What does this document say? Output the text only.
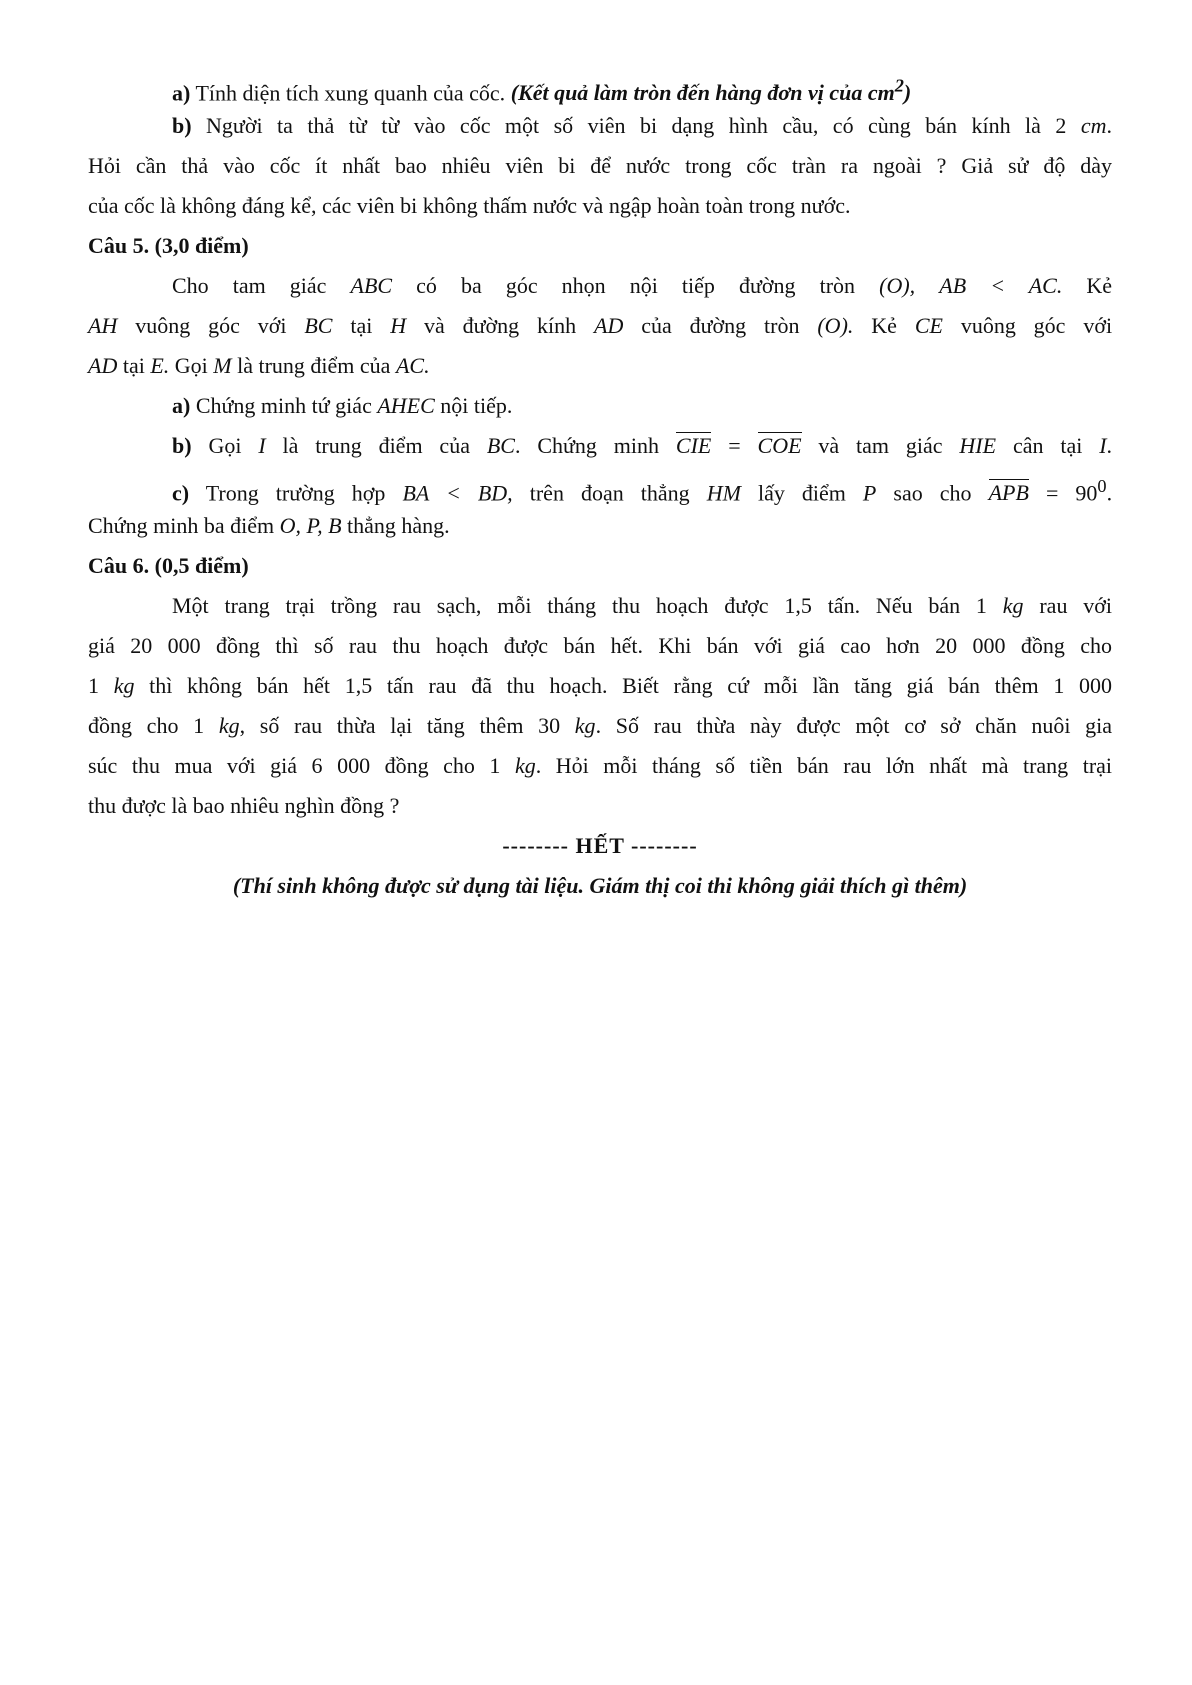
a) Tính diện tích xung quanh của cốc. (Kết quả làm tròn đến hàng đơn vị của $cm^2$)
b) Người ta thả từ từ vào cốc một số viên bi dạng hình cầu, có cùng bán kính là 2 cm.
Hỏi cần thả vào cốc ít nhất bao nhiêu viên bi để nước trong cốc tràn ra ngoài ? Giả sử độ dày
của cốc là không đáng kể, các viên bi không thấm nước và ngập hoàn toàn trong nước.
Câu 5. (3,0 điểm)
Cho tam giác ABC có ba góc nhọn nội tiếp đường tròn (O), AB < AC. Kẻ
AH vuông góc với BC tại H và đường kính AD của đường tròn (O). Kẻ CE vuông góc với
AD tại E. Gọi M là trung điểm của AC.
a) Chứng minh tứ giác AHEC nội tiếp.
b) Gọi I là trung điểm của BC. Chứng minh CIE = COE và tam giác HIE cân tại I.
c) Trong trường hợp BA < BD, trên đoạn thẳng HM lấy điểm P sao cho APB = $90^0$.
Chứng minh ba điểm O, P, B thẳng hàng.
Câu 6. (0,5 điểm)
Một trang trại trồng rau sạch, mỗi tháng thu hoạch được 1,5 tấn. Nếu bán 1 kg rau với
giá 20 000 đồng thì số rau thu hoạch được bán hết. Khi bán với giá cao hơn 20 000 đồng cho
1 kg thì không bán hết 1,5 tấn rau đã thu hoạch. Biết rằng cứ mỗi lần tăng giá bán thêm 1 000
đồng cho 1 kg, số rau thừa lại tăng thêm 30 kg. Số rau thừa này được một cơ sở chăn nuôi gia
súc thu mua với giá 6 000 đồng cho 1 kg. Hỏi mỗi tháng số tiền bán rau lớn nhất mà trang trại
thu được là bao nhiêu nghìn đồng ?
-------- HẾT --------
(Thí sinh không được sử dụng tài liệu. Giám thị coi thi không giải thích gì thêm)
